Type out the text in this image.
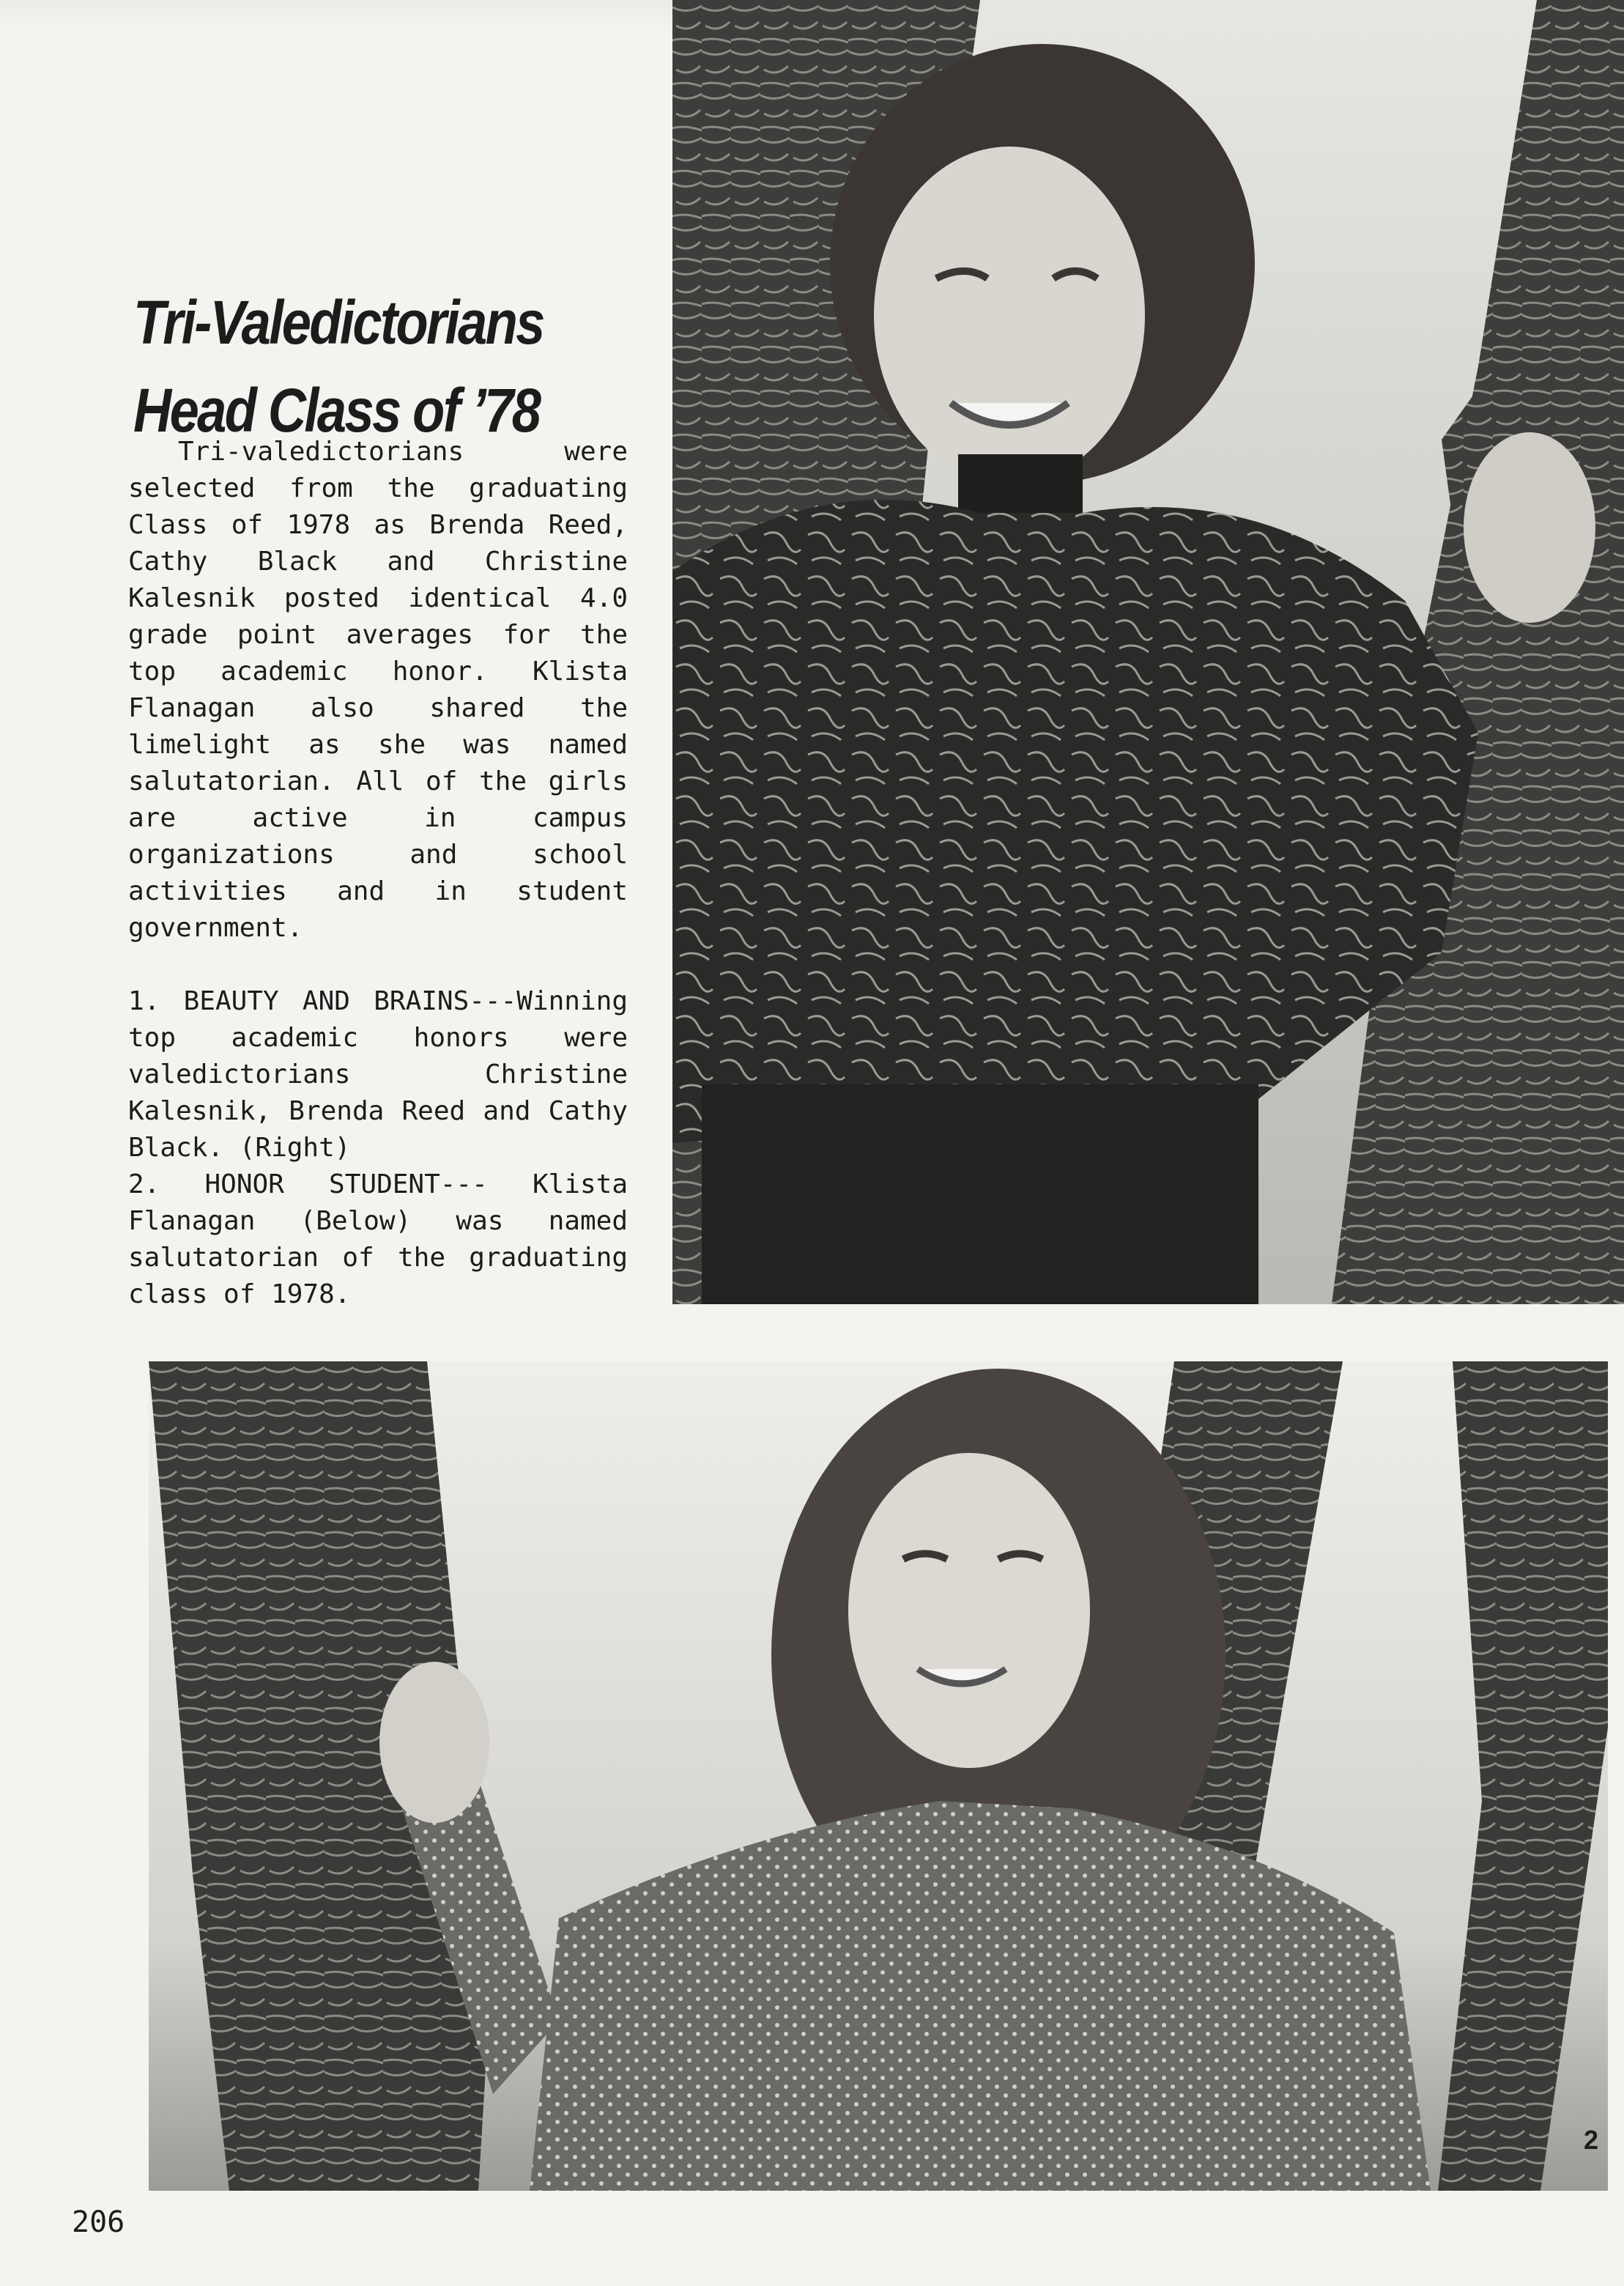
Tri-Valedictorians
Head Class of ’78

Tri-valedictorians were selected from the graduating Class of 1978 as Brenda Reed, Cathy Black and Christine Kalesnik posted identical 4.0 grade point averages for the top academic honor. Klista Flanagan also shared the limelight as she was named salutatorian. All of the girls are active in campus organizations and school activities and in student government.

1. BEAUTY AND BRAINS---Winning top academic honors were valedictorians Christine Kalesnik, Brenda Reed and Cathy Black. (Right)

2. HONOR STUDENT--- Klista Flanagan (Below) was named salutatorian of the graduating class of 1978.

2
206
